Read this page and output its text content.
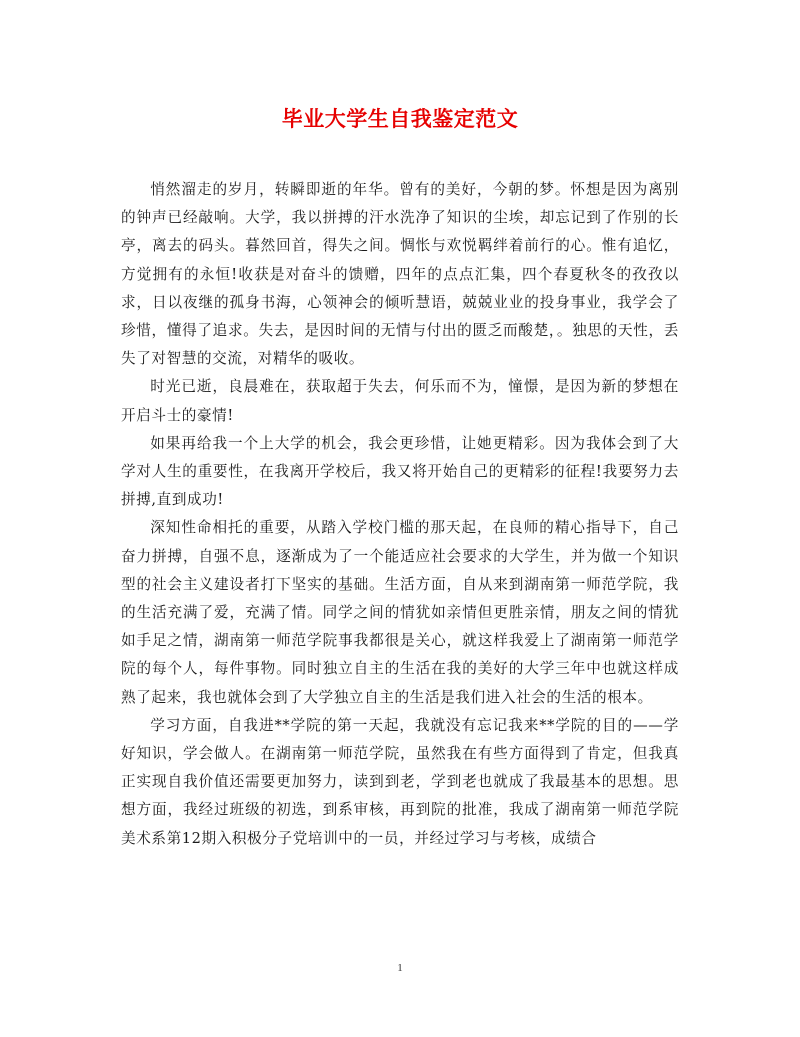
毕业大学生自我鉴定范文

悄然溜走的岁月，转瞬即逝的年华。曾有的美好，今朝的梦。怀想是因为离别的钟声已经敲响。大学，我以拼搏的汗水洗净了知识的尘埃，却忘记到了作别的长亭，离去的码头。暮然回首，得失之间。惆怅与欢悦羁绊着前行的心。惟有追忆，方觉拥有的永恒!收获是对奋斗的馈赠，四年的点点汇集，四个春夏秋冬的孜孜以求，日以夜继的孤身书海，心领神会的倾听慧语，兢兢业业的投身事业，我学会了珍惜，懂得了追求。失去，是因时间的无情与付出的匮乏而酸楚，。独思的天性，丢失了对智慧的交流，对精华的吸收。

时光已逝，良晨难在，获取超于失去，何乐而不为，憧憬，是因为新的梦想在开启斗士的豪情!

如果再给我一个上大学的机会，我会更珍惜，让她更精彩。因为我体会到了大学对人生的重要性，在我离开学校后，我又将开始自己的更精彩的征程!我要努力去拼搏,直到成功!

深知性命相托的重要，从踏入学校门槛的那天起，在良师的精心指导下，自己奋力拼搏，自强不息，逐渐成为了一个能适应社会要求的大学生，并为做一个知识型的社会主义建设者打下坚实的基础。生活方面，自从来到湖南第一师范学院，我的生活充满了爱，充满了情。同学之间的情犹如亲情但更胜亲情，朋友之间的情犹如手足之情，湖南第一师范学院事我都很是关心，就这样我爱上了湖南第一师范学院的每个人，每件事物。同时独立自主的生活在我的美好的大学三年中也就这样成熟了起来，我也就体会到了大学独立自主的生活是我们进入社会的生活的根本。

学习方面，自我进**学院的第一天起，我就没有忘记我来**学院的目的——学好知识，学会做人。在湖南第一师范学院，虽然我在有些方面得到了肯定，但我真正实现自我价值还需要更加努力，读到到老，学到老也就成了我最基本的思想。思想方面，我经过班级的初选，到系审核，再到院的批准，我成了湖南第一师范学院美术系第12期入积极分子党培训中的一员，并经过学习与考核，成绩合

1
